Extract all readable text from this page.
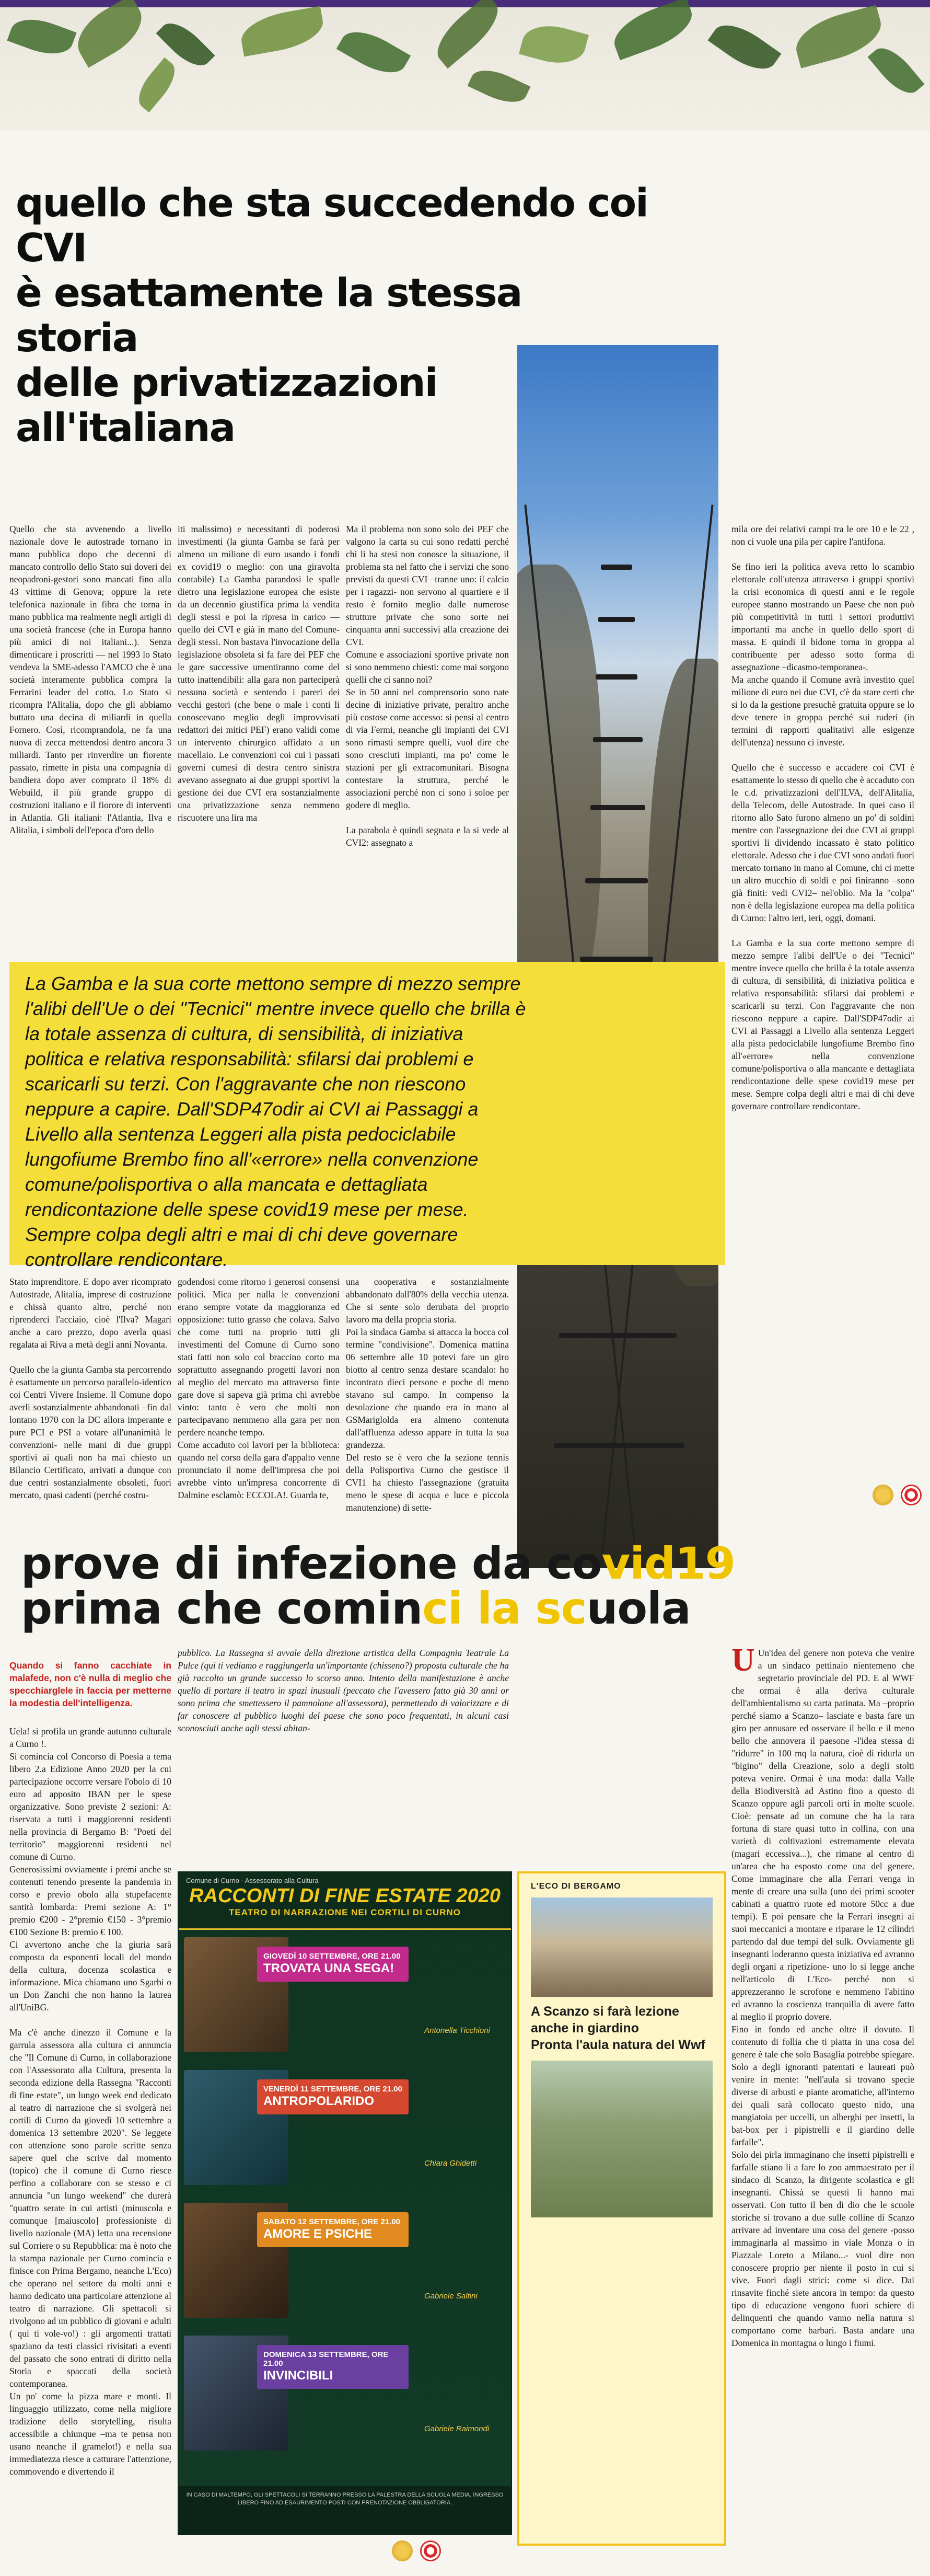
quello che sta succedendo coi CVI
è esattamente la stessa storia
delle privatizzazioni all'italiana
Quello che sta avvenendo a livello nazionale dove le autostrade tornano in mano pubblica dopo che decenni di mancato controllo dello Stato sui doveri dei neopadroni-gestori sono mancati fino alla 43 vittime di Genova; oppure la rete telefonica nazionale in fibra che torna in mano pubblica ma realmente negli artigli di una società francese (che in Europa hanno più amici di noi italiani...). Senza dimenticare i proscritti — nel 1993 lo Stato vendeva la SME-adesso l'AMCO che è una società interamente pubblica compra la Ferrarini leader del cotto. Lo Stato si ricompra l'Alitalia, dopo che gli abbiamo buttato una decina di miliardi in quella Fornero. Così, ricomprandola, ne fa una nuova di zecca mettendosi dentro ancora 3 miliardi. Tanto per rinverdire un fiorente passato, rimette in pista una compagnia di bandiera dopo aver comprato il 18% di Webuild, il più grande gruppo di costruzioni italiano e il fiorore di interventi in Atlantia. Gli italiani: l'Atlantia, Ilva e Alitalia, i simboli dell'epoca d'oro dello
iti malissimo) e necessitanti di poderosi investimenti (la giunta Gamba se farà per almeno un milione di euro usando i fondi ex covid19 o meglio: con una giravolta contabile) La Gamba parandosi le spalle dietro una legislazione europea che esiste da un decennio giustifica prima la vendita degli stessi e poi la ripresa in carico — quello dei CVI e già in mano del Comune- degli stessi. Non bastava l'invocazione della legislazione obsoleta si fa fare dei PEF che le gare successive umentiranno come del tutto inattendibili: alla gara non parteciperà nessuna società e sentendo i pareri dei vecchi gestori (che bene o male i conti li conoscevano meglio degli improvvisati redattori dei mitici PEF) erano validi come un intervento chirurgico affidato a un macellaio. Le convenzioni coi cui i passati governi cumesi di destra centro sinistra avevano assegnato ai due gruppi sportivi la gestione dei due CVI era sostanzialmente una privatizzazione senza nemmeno riscuotere una lira ma
Ma il problema non sono solo dei PEF che valgono la carta su cui sono redatti perché chi li ha stesi non conosce la situazione, il problema sta nel fatto che i servizi che sono previsti da questi CVI –tranne uno: il calcio per i ragazzi- non servono al quartiere e il resto è fornito meglio dalle numerose strutture private che sono sorte nei cinquanta anni successivi alla creazione dei CVI.
Comune e associazioni sportive private non si sono nemmeno chiesti: come mai sorgono quelli che ci sanno noi?
Se in 50 anni nel comprensorio sono nate decine di iniziative private, peraltro anche più costose come accesso: si pensi al centro di via Fermi, neanche gli impianti dei CVI sono rimasti sempre quelli, vuol dire che sono cresciuti impianti, ma po' come le stazioni per gli extracomunitari. Bisogna contestare la struttura, perché le associazioni perché non ci sono i soloe per godere di meglio.

La parabola è quindi segnata e la si vede al CVI2: assegnato a
mila ore dei relativi campi tra le ore 10 e le 22 , non ci vuole una pila per capire l'antifona.

Se fino ieri la politica aveva retto lo scambio elettorale coll'utenza attraverso i gruppi sportivi la crisi economica di questi anni e le regole europee stanno mostrando un Paese che non può più competitività in tutti i settori produttivi importanti ma anche in quello dello sport di massa. E quindi il bidone torna in groppa al contribuente per adesso sotto forma di assegnazione –dicasmo-temporanea-.
Ma anche quando il Comune avrà investito quel milione di euro nei due CVI, c'è da stare certi che si lo da la gestione presuchè gratuita oppure se lo deve tenere in groppa perché sui ruderi (in termini di rapporti qualitativi alle esigenze dell'utenza) nessuno ci investe.

Quello che è successo e accadere coi CVI è esattamente lo stesso di quello che è accaduto con le c.d. privatizzazioni dell'ILVA, dell'Alitalia, della Telecom, delle Autostrade. In quei caso il ritorno allo Sato furono almeno un po' di soldini mentre con l'assegnazione dei due CVI ai gruppi sportivi li dividendo incassato è stato politico elettorale. Adesso che i due CVI sono andati fuori mercato tornano in mano al Comune, chi ci mette un altro mucchio di soldi e poi finiranno –sono già finiti: vedi CVI2– nel'oblio. Ma la "colpa" non è della legislazione europea ma della politica di Curno: l'altro ieri, ieri, oggi, domani.

La Gamba e la sua corte mettono sempre di mezzo sempre l'alibi dell'Ue o dei "Tecnici" mentre invece quello che brilla è la totale assenza di cultura, di sensibilità, di iniziativa politica e relativa responsabilità: sfilarsi dai problemi e scaricarli su terzi. Con l'aggravante che non riescono neppure a capire. Dall'SDP47odir ai CVI ai Passaggi a Livello alla sentenza Leggeri alla pista pedociclabile lungofiume Brembo fino all'«errore» nella convenzione comune/polisportiva o alla mancante e dettagliata rendicontazione delle spese covid19 mese per mese. Sempre colpa degli altri e mai di chi deve governare controllare rendicontare.

La Gamba e la sua corte mettono sempre di mezzo sempre l'alibi dell'Ue o dei "Tecnici" mentre invece quello che brilla è la totale assenza di cultura, di sensibilità, di iniziativa politica e relativa responsabilità: sfilarsi dai problemi e scaricarli su terzi. Con l'aggravante che non riescono neppure a capire. Dall'SDP47odir ai CVI ai Passaggi a Livello alla sentenza Leggeri alla pista pedociclabile lungofiume Brembo fino all'«errore» nella convenzione comune/polisportiva o alla mancata e dettagliata rendicontazione delle spese covid19 mese per mese. Sempre colpa degli altri e mai di chi deve governare controllare rendicontare.

Stato imprenditore. E dopo aver ricomprato Autostrade, Alitalia, imprese di costruzione e chissà quanto altro, perché non riprenderci l'acciaio, cioè l'Ilva? Magari anche a caro prezzo, dopo averla quasi regalata ai Riva a metà degli anni Novanta.

Quello che la giunta Gamba sta percorrendo è esattamente un percorso parallelo-identico coi Centri Vivere Insieme. Il Comune dopo averli sostanzialmente abbandonati –fin dal lontano 1970 con la DC allora imperante e pure PCI e PSI a votare all'unanimità le convenzioni- nelle mani di due gruppi sportivi ai quali non ha mai chiesto un Bilancio Certificato, arrivati a dunque con due centri sostanzialmente obsoleti, fuori mercato, quasi cadenti (perché costru-
godendosi come ritorno i generosi consensi politici. Mica per nulla le convenzioni erano sempre votate da maggioranza ed opposizione: tutto grasso che colava. Salvo che come tutti na proprio tutti gli investimenti del Comune di Curno sono stati fatti non solo col braccino corto ma soprattutto assegnando progetti lavori non al meglio del mercato ma attraverso finte gare dove si sapeva già prima chi avrebbe vinto: tanto è vero che molti non partecipavano nemmeno alla gara per non perdere neanche tempo.
Come accaduto coi lavori per la biblioteca: quando nel corso della gara d'appalto venne pronunciato il nome dell'impresa che poi avrebbe vinto un'impresa concorrente di Dalmine esclamò: ECCOLA!. Guarda te,
una cooperativa e sostanzialmente abbandonato dall'80% della vecchia utenza. Che si sente solo derubata del proprio lavoro ma della propria storia.
Poi la sindaca Gamba si attacca la bocca col termine "condivisione". Domenica mattina 06 settembre alle 10 potevi fare un giro biotto al centro senza destare scandalo: ho incontrato dieci persone e poche di meno stavano sul campo. In compenso la desolazione che quando era in mano al GSMariglolda era almeno contenuta dall'affluenza adesso appare in tutta la sua grandezza.
Del resto se è vero che la sezione tennis della Polisportiva Curno che gestisce il CVI1 ha chiesto l'assegnazione (gratuita meno le spese di acqua e luce e piccola manutenzione) di sette-
prove di infezione da covid19
prima che cominci la scuola

Quando si fanno cacchiate in malafede, non c'è nulla di meglio che specchiarglele in faccia per metterne la modestia dell'intelligenza.

Uela! si profila un grande autunno culturale a Curno !.
Si comincia col Concorso di Poesia a tema libero 2.a Edizione Anno 2020 per la cui partecipazione occorre versare l'obolo di 10 euro ad apposito IBAN per le spese organizzative. Sono previste 2 sezioni: A: riservata a tutti i maggiorenni residenti nella provincia di Bergamo B: "Poeti del territorio" maggiorenni residenti nel comune di Curno.
Generosissimi ovviamente i premi anche se contenuti tenendo presente la pandemia in corso e previo obolo alla stupefacente santità lombarda: Premi sezione A: 1° premio €200 - 2°premio €150 - 3°premio €100 Sezione B: premio € 100.
Ci avvertono anche che la giuria sarà composta da esponenti locali del mondo della cultura, docenza scolastica e informazione. Mica chiamano uno Sgarbi o un Don Zanchi che non hanno la laurea all'UniBG.

Ma c'è anche dinezzo il Comune e la garrula assessora alla cultura ci annuncia che "Il Comune di Curno, in collaborazione con l'Assessorato alla Cultura, presenta la seconda edizione della Rassegna "Racconti di fine estate", un lungo week end dedicato al teatro di narrazione che si svolgerà nei cortili di Curno da giovedì 10 settembre a domenica 13 settembre 2020". Se leggete con attenzione sono parole scritte senza sapere quel che scrive dal momento (topico) che il comune di Curno riesce perfino a collaborare con se stesso e ci annuncia "un lungo weekend" che durerà "quattro serate in cui artisti (minuscola e comunque [maiuscolo] professioniste di livello nazionale (MA) letta una recensione sul Corriere o su Repubblica: ma è noto che la stampa nazionale per Curno comincia e finisce con Prima Bergamo, neanche L'Eco) che operano nel settore da molti anni e hanno dedicato una particolare attenzione al teatro di narrazione. Gli spettacoli si rivolgono ad un pubblico di giovani e adulti ( qui ti vole-vo!) : gli argomenti trattati spaziano da testi classici rivisitati a eventi del passato che sono entrati di diritto nella Storia e spaccati della società contemporanea.
Un po' come la pizza mare e monti. Il linguaggio utilizzato, come nella migliore tradizione dello storytelling, risulta accessibile a chiunque –ma te pensa non usano neanche il gramelot!) e nella sua immediatezza riesce a catturare l'attenzione, commovendo e divertendo il

pubblico. La Rassegna si avvale della direzione artistica della Compagnia Teatrale La Pulce (qui ti vediamo e raggiungerla un'importante (chisseno?) proposta culturale che ha già raccolto un grande successo lo scorso anno. Intento della manifestazione è anche quello di portare il teatro in spazi inusuali (peccato che l'avessero fatto già 30 anni or sono prima che smettessero il pamnolone all'assessora), permettendo di valorizzare e di far conoscere al pubblico luoghi del paese che sono poco frequentati, in alcuni casi sconosciuti anche agli stessi abitan-
Comune di Curno · Assessorato alla Cultura
RACCONTI DI FINE ESTATE 2020
TEATRO DI NARRAZIONE NEI CORTILI DI CURNO
GIOVEDÌ 10 SETTEMBRE, ORE 21.00
TROVATA UNA SEGA!
Antonella Ticchioni
VENERDÌ 11 SETTEMBRE, ORE 21.00
ANTROPOLARIDO
Chiara Ghidetti
SABATO 12 SETTEMBRE, ORE 21.00
AMORE E PSICHE
Gabriele Saltini
DOMENICA 13 SETTEMBRE, ORE 21.00
INVINCIBILI
Gabriele Raimondi
IN CASO DI MALTEMPO, GLI SPETTACOLI SI TERRANNO PRESSO LA PALESTRA DELLA SCUOLA MEDIA. INGRESSO LIBERO FINO AD ESAURIMENTO POSTI CON PRENOTAZIONE OBBLIGATORIA.
L'ECO DI BERGAMO
A Scanzo si farà lezione anche in giardino
Pronta l'aula natura del Wwf
U Un'idea del genere non poteva che venire a un sindaco pettinaio nientemeno che segretario provinciale del PD. E al WWF che ormai è alla deriva culturale dell'ambientalismo su carta patinata. Ma –proprio perché siamo a Scanzo– lasciate e basta fare un giro per annusare ed osservare il bello e il meno bello che annovera il paesone -l'idea stessa di "ridurre" in 100 mq la natura, cioè di ridurla un "bigino" della Creazione, solo a degli stolti poteva venire. Ormai è una moda: dalla Valle della Biodiversità ad Astino fino a questo di Scanzo oppure agli parcoli orti in molte scuole. Cioè: pensate ad un comune che ha la rara fortuna di stare quasi tutto in collina, con una varietà di coltivazioni estremamente elevata (magari eccessiva...), che rimane al centro di un'area che ha esposto come una del genere. Come immaginare che alla Ferrari venga in mente di creare una sulla (uno dei primi scooter cabinati a quattro ruote ed motore 50cc a due tempi). E poi pensare che la Ferrari insegni ai suoi meccanici a montare e riparare le 12 cilindri partendo dal due tempi del sulk. Ovviamente gli insegnanti loderanno questa iniziativa ed avranno degli organi a ripetizione- uno lo si legge anche nell'articolo di L'Eco- perché non si apprezzeranno le scrofone e nemmeno l'abitino ed avranno la coscienza tranquilla di avere fatto al meglio il proprio dovere.
Fino in fondo ed anche oltre il dovuto. Il contenuto di follia che ti piatta in una cosa del genere è tale che solo Basaglia potrebbe spiegare. Solo a degli ignoranti patentati e laureati può venire in mente: "nell'aula si trovano specie diverse di arbusti e piante aromatiche, all'interno dei quali sarà collocato questo nido, una mangiatoia per uccelli, un alberghi per insetti, la bat-box per i pipistrelli e il giardino delle farfalle".
Solo dei pirla immaginano che insetti pipistrelli e farfalle stiano li a fare lo zoo ammaestrato per il sindaco di Scanzo, la dirigente scolastica e gli insegnanti. Chissà se questi li hanno mai osservati. Con tutto il ben di dio che le scuole storiche si trovano a due sulle colline di Scanzo arrivare ad inventare una cosa del genere -posso immaginarla al massimo in viale Monza o in Piazzale Loreto a Milano...- vuol dire non conoscere proprio per niente il posto in cui si vive. Fuori dagli strici: come si dice. Dai rinsavite finché siete ancora in tempo: da questo tipo di educazione vengono fuori schiere di delinquenti che quando vanno nella natura si comportano come barbari. Basta andare una Domenica in montagna o lungo i fiumi.
